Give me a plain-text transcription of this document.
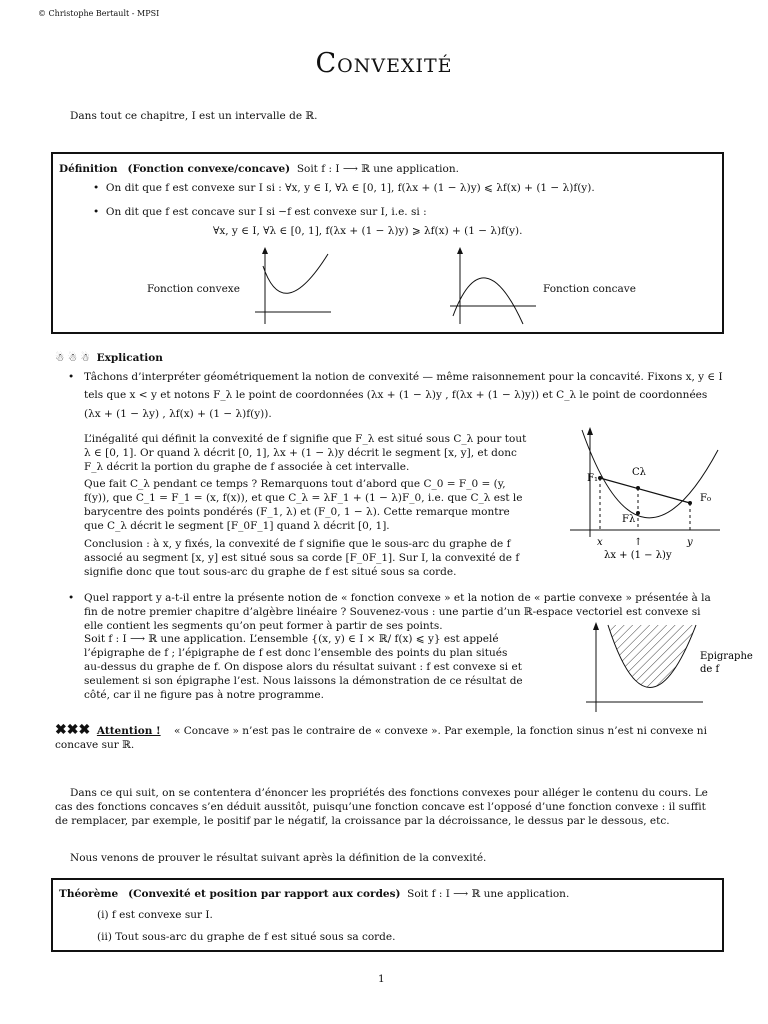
© Christophe Bertault - MPSI
Convexité
Dans tout ce chapitre, I est un intervalle de ℝ.
Définition (Fonction convexe/concave) Soit f : I ⟶ ℝ une application.
•  On dit que f est convexe sur I si : ∀x, y ∈ I, ∀λ ∈ [0, 1], f(λx + (1 − λ)y) ⩽ λf(x) + (1 − λ)f(y).
•  On dit que f est concave sur I si −f est convexe sur I, i.e. si :
∀x, y ∈ I, ∀λ ∈ [0, 1], f(λx + (1 − λ)y) ⩾ λf(x) + (1 − λ)f(y).
Fonction convexe	Fonction concave
☃ ☃ ☃ Explication
• Tâchons d’interpréter géométriquement la notion de convexité — même raisonnement pour la concavité. Fixons x, y ∈ I
tels que x < y et notons F_λ le point de coordonnées (λx + (1 − λ)y , f(λx + (1 − λ)y)) et C_λ le point de coordonnées
(λx + (1 − λy) , λf(x) + (1 − λ)f(y)).
L’inégalité qui définit la convexité de f signifie que F_λ est situé sous C_λ pour tout λ ∈ [0, 1]. Or quand λ décrit [0, 1], λx + (1 − λ)y décrit le segment [x, y], et donc F_λ décrit la portion du graphe de f associée à cet intervalle.
Que fait C_λ pendant ce temps ? Remarquons tout d’abord que C_0 = F_0 = (y, f(y)), que C_1 = F_1 = (x, f(x)), et que C_λ = λF_1 + (1 − λ)F_0, i.e. que C_λ est le barycentre des points pondérés (F_1, λ) et (F_0, 1 − λ). Cette remarque montre que C_λ décrit le segment [F_0F_1] quand λ décrit [0, 1].
Conclusion : à x, y fixés, la convexité de f signifie que le sous-arc du graphe de f associé au segment [x, y] est situé sous sa corde [F_0F_1]. Sur I, la convexité de f signifie donc que tout sous-arc du graphe de f est situé sous sa corde.
F₁
Cλ
Fλ
F₀
x	↑	y
λx + (1 − λ)y
• Quel rapport y a-t-il entre la présente notion de « fonction convexe » et la notion de « partie convexe » présentée à la fin de notre premier chapitre d’algèbre linéaire ? Souvenez-vous : une partie d’un ℝ-espace vectoriel est convexe si elle contient les segments qu’on peut former à partir de ses points.
Soit f : I ⟶ ℝ une application. L’ensemble {(x, y) ∈ I × ℝ/ f(x) ⩽ y} est appelé l’épigraphe de f ; l’épigraphe de f est donc l’ensemble des points du plan situés au-dessus du graphe de f. On dispose alors du résultat suivant : f est convexe si et seulement si son épigraphe l’est. Nous laissons la démonstration de ce résultat de côté, car il ne figure pas à notre programme.
Epigraphe
de f
✖✖✖ Attention ! « Concave » n’est pas le contraire de « convexe ». Par exemple, la fonction sinus n’est ni convexe ni concave sur ℝ.
Dans ce qui suit, on se contentera d’énoncer les propriétés des fonctions convexes pour alléger le contenu du cours. Le cas des fonctions concaves s’en déduit aussitôt, puisqu’une fonction concave est l’opposé d’une fonction convexe : il suffit de remplacer, par exemple, le positif par le négatif, la croissance par la décroissance, le dessus par le dessous, etc.
Nous venons de prouver le résultat suivant après la définition de la convexité.
Théorème (Convexité et position par rapport aux cordes) Soit f : I ⟶ ℝ une application.
(i) f est convexe sur I.
(ii) Tout sous-arc du graphe de f est situé sous sa corde.
1
